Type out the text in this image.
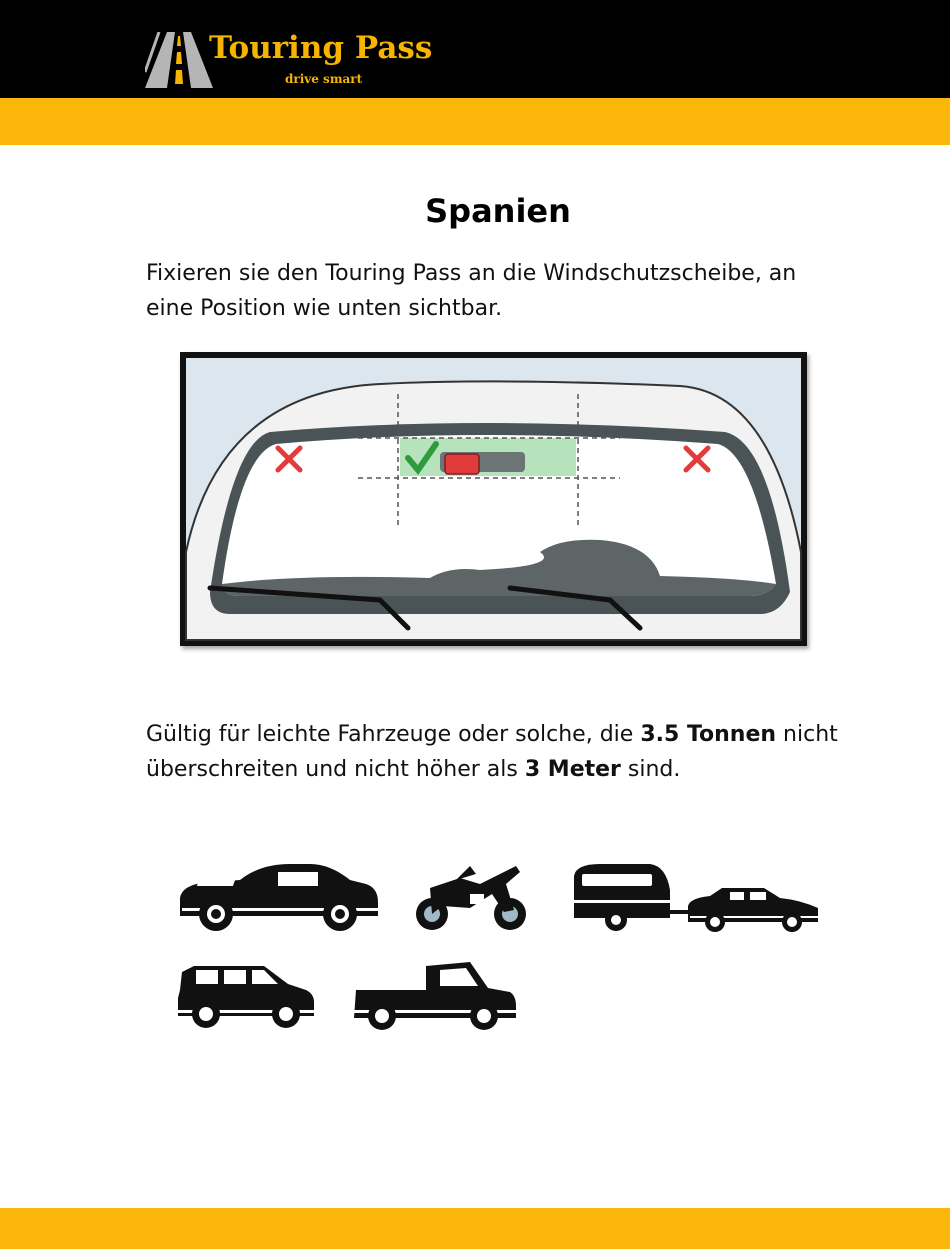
Touring Pass
drive smart
Spanien
Fixieren sie den Touring Pass an die Windschutzscheibe, an eine Position wie unten sichtbar.
Gültig für leichte Fahrzeuge oder solche, die 3.5 Tonnen nicht überschreiten und nicht höher als 3 Meter sind.
